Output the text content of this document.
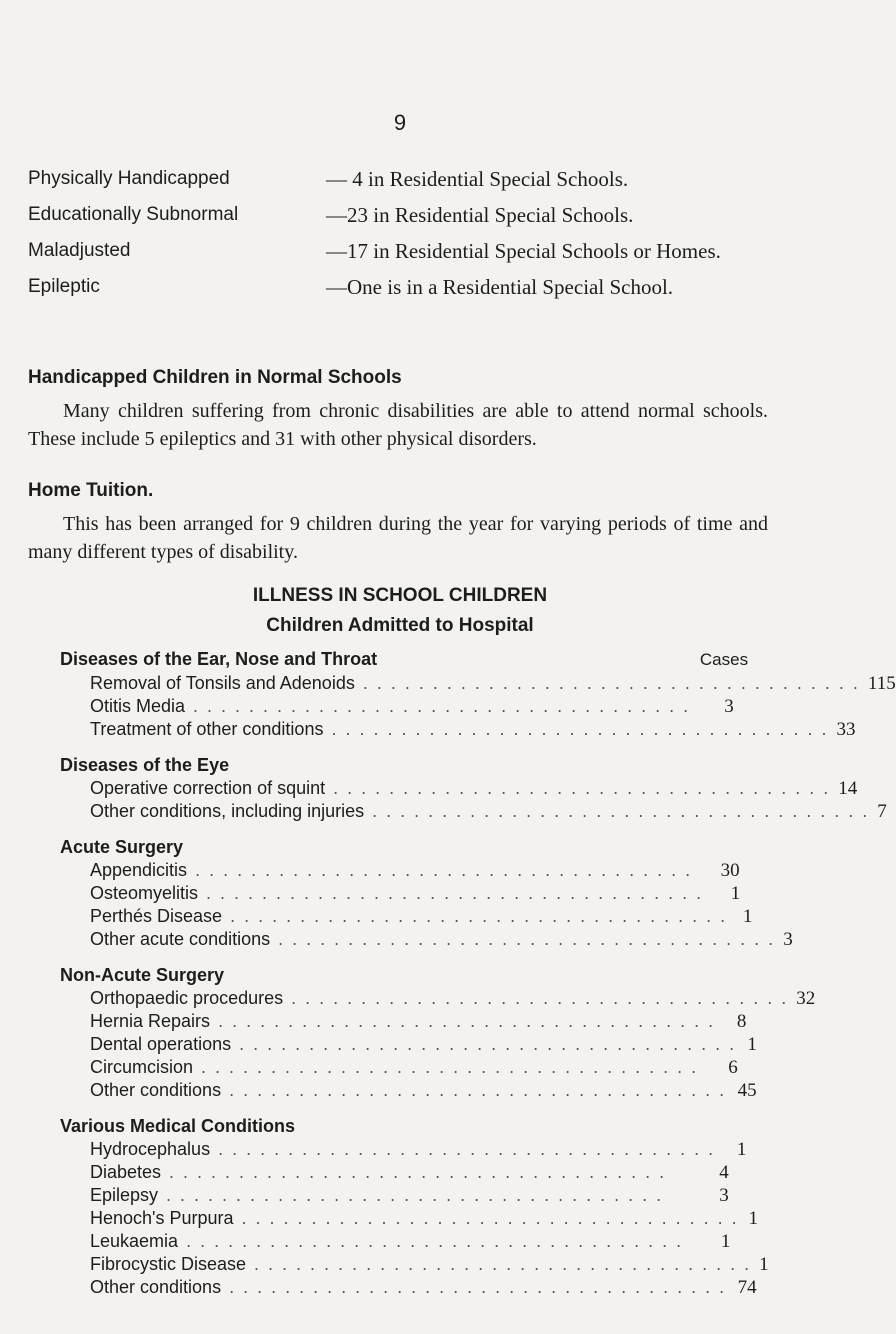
9
Physically Handicapped	— 4 in Residential Special Schools.
Educationally Subnormal	—23 in Residential Special Schools.
Maladjusted	—17 in Residential Special Schools or Homes.
Epileptic	—One is in a Residential Special School.
Handicapped Children in Normal Schools

Many children suffering from chronic disabilities are able to attend normal schools. These include 5 epileptics and 31 with other physical disorders.

Home Tuition.

This has been arranged for 9 children during the year for varying periods of time and many different types of disability.

ILLNESS IN SCHOOL CHILDREN
Children Admitted to Hospital
Diseases of the Ear, Nose and Throat	Cases
Removal of Tonsils and Adenoids . . . . . . . . . . . . . . . . . . . . . . . . . . . . . . . . . . . . 115
Otitis Media . . . . . . . . . . . . . . . . . . . . . . . . . . . . . . . . . . . .	3
Treatment of other conditions . . . . . . . . . . . . . . . . . . . . . . . . . . . . . . . . . . . . 33
Diseases of the Eye
Operative correction of squint . . . . . . . . . . . . . . . . . . . . . . . . . . . . . . . . . . . . 14
Other conditions, including injuries . . . . . . . . . . . . . . . . . . . . . . . . . . . . . . . . . . . . 7
Acute Surgery
Appendicitis . . . . . . . . . . . . . . . . . . . . . . . . . . . . . . . . . . . .	30
Osteomyelitis . . . . . . . . . . . . . . . . . . . . . . . . . . . . . . . . . . . .	1
Perthés Disease . . . . . . . . . . . . . . . . . . . . . . . . . . . . . . . . . . . . 1
Other acute conditions . . . . . . . . . . . . . . . . . . . . . . . . . . . . . . . . . . . . 3
Non-Acute Surgery
Orthopaedic procedures . . . . . . . . . . . . . . . . . . . . . . . . . . . . . . . . . . . . 32
Hernia Repairs . . . . . . . . . . . . . . . . . . . . . . . . . . . . . . . . . . . .	8
Dental operations . . . . . . . . . . . . . . . . . . . . . . . . . . . . . . . . . . . . 1
Circumcision . . . . . . . . . . . . . . . . . . . . . . . . . . . . . . . . . . . .	6
Other conditions . . . . . . . . . . . . . . . . . . . . . . . . . . . . . . . . . . . . 45
Various Medical Conditions
Hydrocephalus . . . . . . . . . . . . . . . . . . . . . . . . . . . . . . . . . . . .	1
Diabetes . . . . . . . . . . . . . . . . . . . . . . . . . . . . . . . . . . . .	4
Epilepsy . . . . . . . . . . . . . . . . . . . . . . . . . . . . . . . . . . . .	3
Henoch's Purpura . . . . . . . . . . . . . . . . . . . . . . . . . . . . . . . . . . . . 1
Leukaemia . . . . . . . . . . . . . . . . . . . . . . . . . . . . . . . . . . . .	1
Fibrocystic Disease . . . . . . . . . . . . . . . . . . . . . . . . . . . . . . . . . . . . 1
Other conditions . . . . . . . . . . . . . . . . . . . . . . . . . . . . . . . . . . . . 74
